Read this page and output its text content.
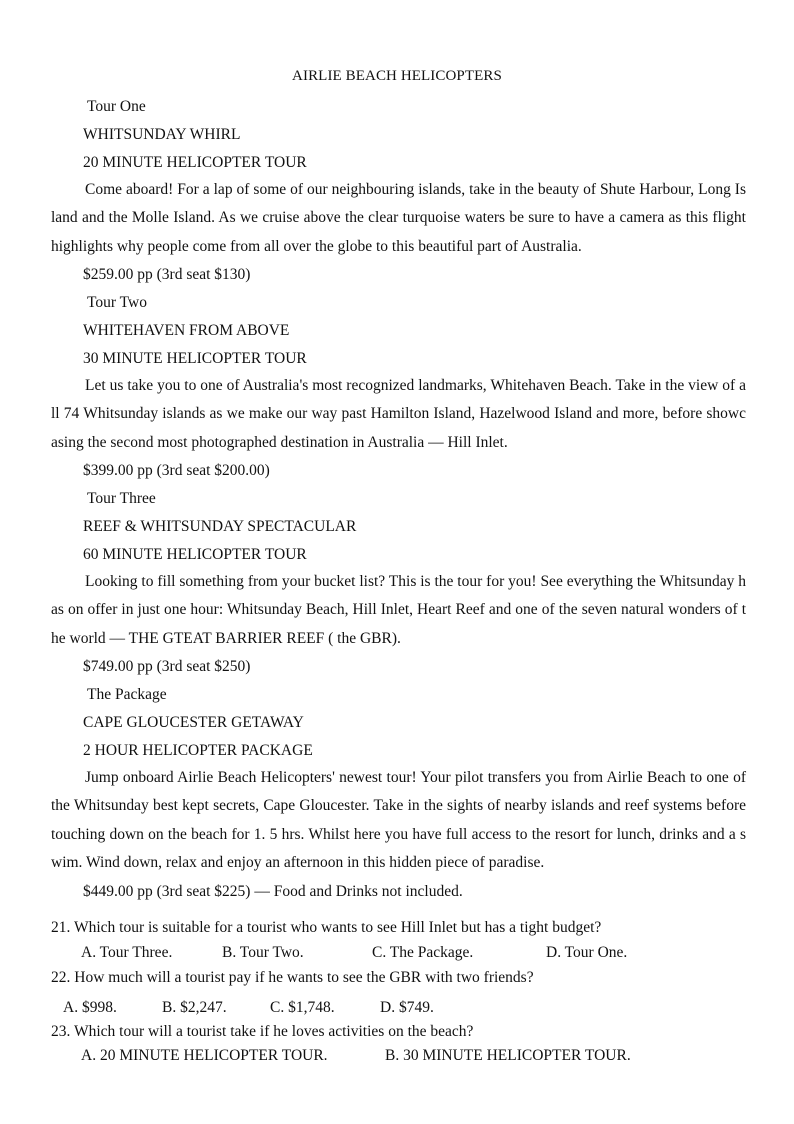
AIRLIE BEACH HELICOPTERS
Tour One
WHITSUNDAY WHIRL
20 MINUTE HELICOPTER TOUR
Come aboard! For a lap of some of our neighbouring islands, take in the beauty of Shute Harbour, Long Island and the Molle Island. As we cruise above the clear turquoise waters be sure to have a camera as this flight highlights why people come from all over the globe to this beautiful part of Australia.
$259.00 pp (3rd seat $130)
Tour Two
WHITEHAVEN FROM ABOVE
30 MINUTE HELICOPTER TOUR
Let us take you to one of Australia's most recognized landmarks, Whitehaven Beach. Take in the view of all 74 Whitsunday islands as we make our way past Hamilton Island, Hazelwood Island and more, before showcasing the second most photographed destination in Australia — Hill Inlet.
$399.00 pp (3rd seat $200.00)
Tour Three
REEF & WHITSUNDAY SPECTACULAR
60 MINUTE HELICOPTER TOUR
Looking to fill something from your bucket list? This is the tour for you! See everything the Whitsunday has on offer in just one hour: Whitsunday Beach, Hill Inlet, Heart Reef and one of the seven natural wonders of the world — THE GTEAT BARRIER REEF ( the GBR).
$749.00 pp (3rd seat $250)
The Package
CAPE GLOUCESTER GETAWAY
2 HOUR HELICOPTER PACKAGE
Jump onboard Airlie Beach Helicopters' newest tour! Your pilot transfers you from Airlie Beach to one of the Whitsunday best kept secrets, Cape Gloucester. Take in the sights of nearby islands and reef systems before touching down on the beach for 1. 5 hrs. Whilst here you have full access to the resort for lunch, drinks and a swim. Wind down, relax and enjoy an afternoon in this hidden piece of paradise.
$449.00 pp (3rd seat $225) — Food and Drinks not included.
21. Which tour is suitable for a tourist who wants to see Hill Inlet but has a tight budget?
A. Tour Three.	B. Tour Two.	C. The Package.	D. Tour One.
22. How much will a tourist pay if he wants to see the GBR with two friends?
A. $998.	B. $2,247.	C. $1,748.	D. $749.
23. Which tour will a tourist take if he loves activities on the beach?
A. 20 MINUTE HELICOPTER TOUR.	B. 30 MINUTE HELICOPTER TOUR.
